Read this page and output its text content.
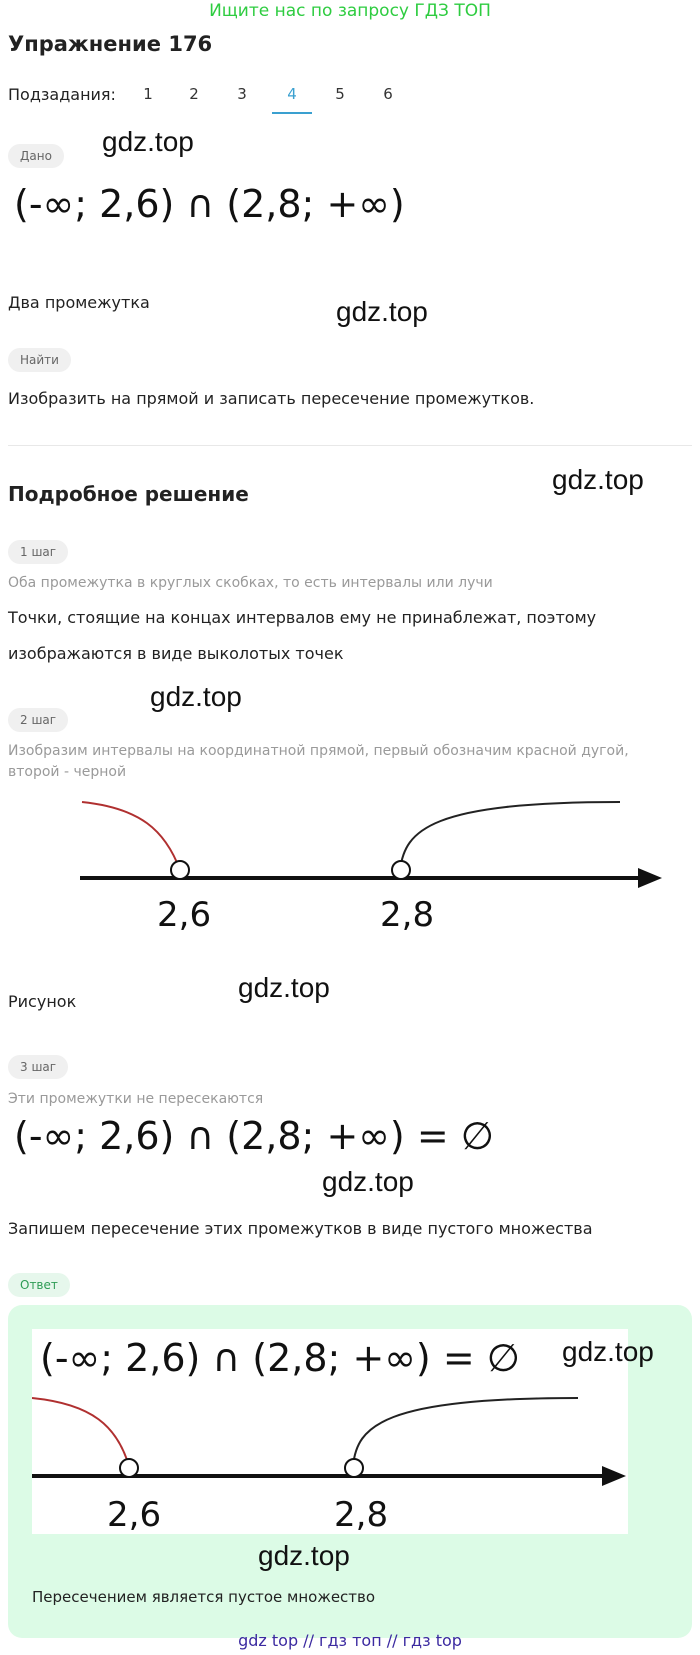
Ищите нас по запросу ГДЗ ТОП
Упражнение 176
Подзадания:	1	2	3	4	5	6
Дано	gdz.top
(-∞; 2,6) ∩ (2,8; +∞)
Два промежутка	gdz.top
Найти
Изобразить на прямой и записать пересечение промежутков.
Подробное решение	gdz.top
1 шаг
Оба промежутка в круглых скобках, то есть интервалы или лучи
Точки, стоящие на концах интервалов ему не принаблежат, поэтому
изображаются в виде выколотых точек
gdz.top
2 шаг
Изобразим интервалы на координатной прямой, первый обозначим красной дугой,
второй - черной
2,6	2,8
Рисунок	gdz.top
3 шаг
Эти промежутки не пересекаются
(-∞; 2,6) ∩ (2,8; +∞) = ∅
gdz.top
Запишем пересечение этих промежутков в виде пустого множества
Ответ
(-∞; 2,6) ∩ (2,8; +∞) = ∅ gdz.top
2,6	2,8
gdz.top
Пересечением является пустое множество
gdz top // гдз топ // гдз top
